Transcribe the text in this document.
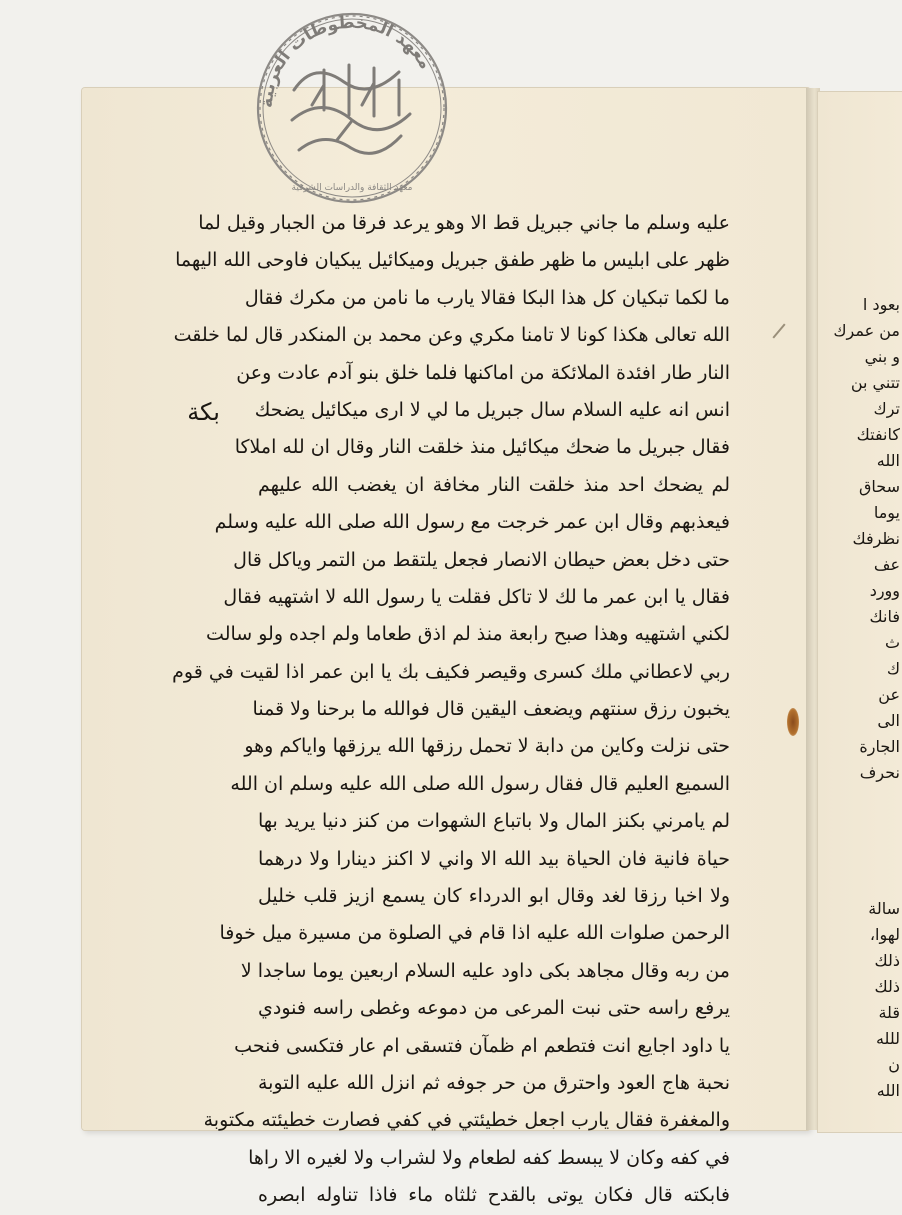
بعود ا
من عمرك
و بني
تتني بن
ترك
كانفتك
الله
سحاق
يوما
نظرفك
عف
وورد
فانك
ث
ك
عن
الى
الجارة
نحرف
سالة
لهوا،
ذلك
ذلك
قلة
للله
ن
الله
معهد المخطوطات العربية
معهد الثقافة والدراسات الشرقية
عليه وسلم ما جاني جبريل قط الا وهو يرعد فرقا من الجبار وقيل لما
ظهر على ابليس ما ظهر طفق جبريل وميكائيل يبكيان فاوحى الله اليهما
ما لكما تبكيان كل هذا البكا فقالا يارب ما نامن من مكرك فقال
الله تعالى هكذا كونا لا تامنا مكري وعن محمد بن المنكدر قال لما خلقت
النار طار افئدة الملائكة من اماكنها فلما خلق بنو آدم عادت وعن
انس انه عليه السلام سال جبريل ما لي لا ارى ميكائيل يضحك
فقال جبريل ما ضحك ميكائيل منذ خلقت النار وقال ان لله املاكا
لم يضحك احد منذ خلقت النار مخافة ان يغضب الله عليهم
فيعذبهم وقال ابن عمر خرجت مع رسول الله صلى الله عليه وسلم
حتى دخل بعض حيطان الانصار فجعل يلتقط من التمر وياكل قال
فقال يا ابن عمر ما لك لا تاكل فقلت يا رسول الله لا اشتهيه فقال
لكني اشتهيه وهذا صبح رابعة منذ لم اذق طعاما ولم اجده ولو سالت
ربي لاعطاني ملك كسرى وقيصر فكيف بك يا ابن عمر اذا لقيت في قوم
يخبون رزق سنتهم ويضعف اليقين قال فوالله ما برحنا ولا قمنا
حتى نزلت وكاين من دابة لا تحمل رزقها الله يرزقها واياكم وهو
السميع العليم قال فقال رسول الله صلى الله عليه وسلم ان الله
لم يامرني بكنز المال ولا باتباع الشهوات من كنز دنيا يريد بها
حياة فانية فان الحياة بيد الله الا واني لا اكنز دينارا ولا درهما
ولا اخبا رزقا لغد وقال ابو الدرداء كان يسمع ازيز قلب خليل
الرحمن صلوات الله عليه اذا قام في الصلوة من مسيرة ميل خوفا
من ربه وقال مجاهد بكى داود عليه السلام اربعين يوما ساجدا لا
يرفع راسه حتى نبت المرعى من دموعه وغطى راسه فنودي
يا داود اجايع انت فتطعم ام ظمآن فتسقى ام عار فتكسى فنحب
نحبة هاج العود واحترق من حر جوفه ثم انزل الله عليه التوبة
والمغفرة فقال يارب اجعل خطيئتي في كفي فصارت خطيئته مكتوبة
في كفه وكان لا يبسط كفه لطعام ولا لشراب ولا لغيره الا راها
فابكته قال فكان يوتى بالقدح ثلثاه ماء فاذا تناوله ابصره
بكة
